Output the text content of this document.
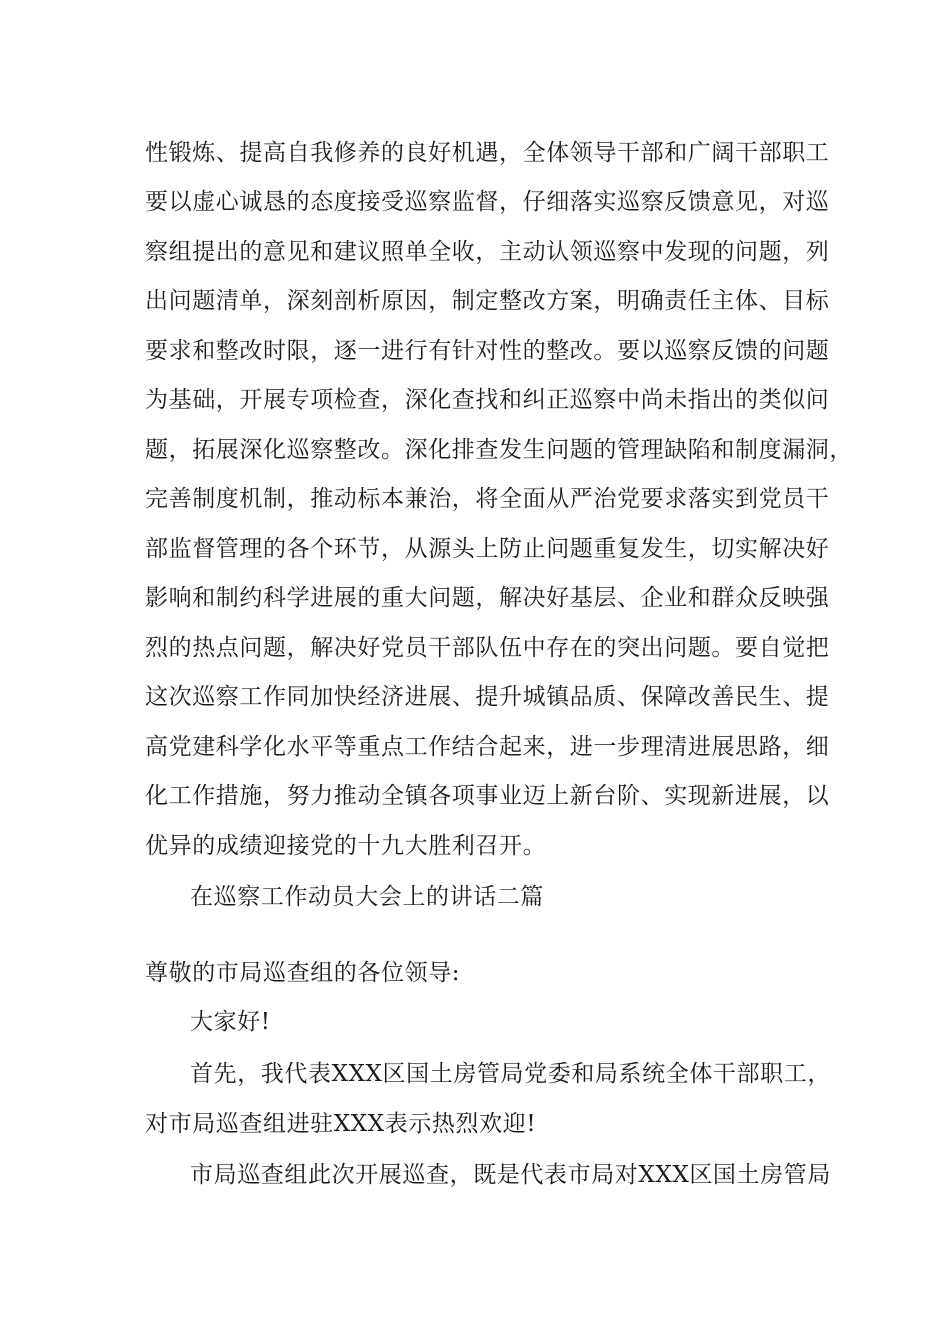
性锻炼、提高自我修养的良好机遇，全体领导干部和广阔干部职工
要以虚心诚恳的态度接受巡察监督，仔细落实巡察反馈意见，对巡
察组提出的意见和建议照单全收，主动认领巡察中发现的问题，列
出问题清单，深刻剖析原因，制定整改方案，明确责任主体、目标
要求和整改时限，逐一进行有针对性的整改。要以巡察反馈的问题
为基础，开展专项检查，深化查找和纠正巡察中尚未指出的类似问
题，拓展深化巡察整改。深化排查发生问题的管理缺陷和制度漏洞，
完善制度机制，推动标本兼治，将全面从严治党要求落实到党员干
部监督管理的各个环节，从源头上防止问题重复发生，切实解决好
影响和制约科学进展的重大问题，解决好基层、企业和群众反映强
烈的热点问题，解决好党员干部队伍中存在的突出问题。要自觉把
这次巡察工作同加快经济进展、提升城镇品质、保障改善民生、提
高党建科学化水平等重点工作结合起来，进一步理清进展思路，细
化工作措施，努力推动全镇各项事业迈上新台阶、实现新进展，以
优异的成绩迎接党的十九大胜利召开。
在巡察工作动员大会上的讲话二篇
尊敬的市局巡查组的各位领导:
大家好!
首先，我代表XXX区国土房管局党委和局系统全体干部职工，
对市局巡查组进驻XXX表示热烈欢迎!
市局巡查组此次开展巡查，既是代表市局对XXX区国土房管局
